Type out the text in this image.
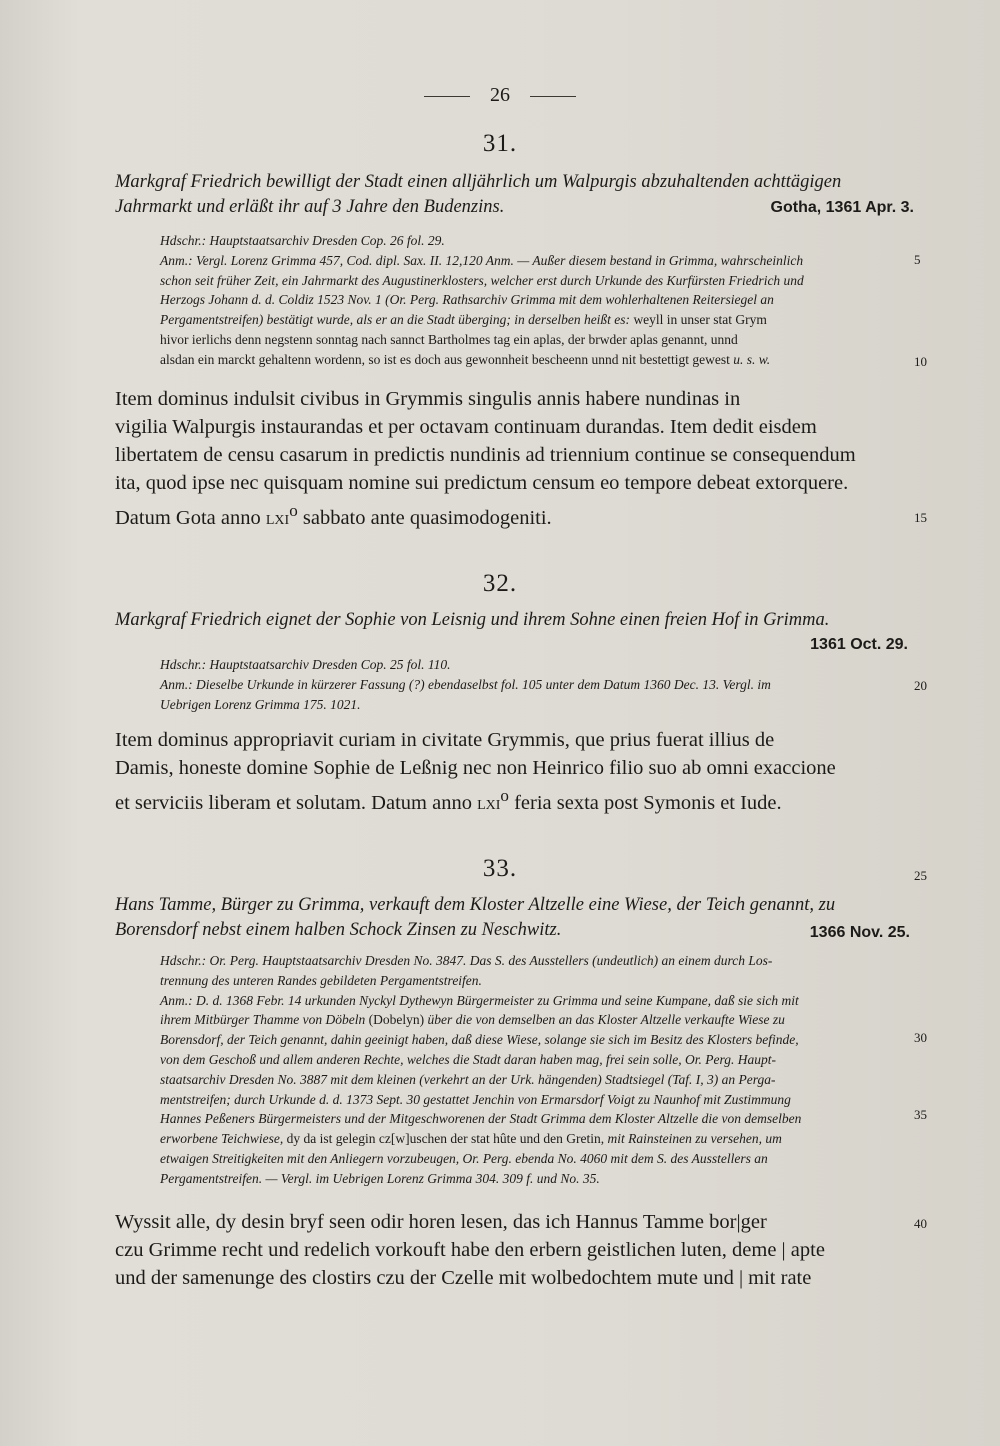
26
31.
Markgraf Friedrich bewilligt der Stadt einen alljährlich um Walpurgis abzuhaltenden achttägigen
Jahrmarkt und erläßt ihr auf 3 Jahre den Budenzins.	Gotha, 1361 Apr. 3.
Hdschr.: Hauptstaatsarchiv Dresden Cop. 26 fol. 29.
Anm.: Vergl. Lorenz Grimma 457, Cod. dipl. Sax. II. 12,120 Anm. — Außer diesem bestand in Grimma, wahrscheinlich
schon seit früher Zeit, ein Jahrmarkt des Augustinerklosters, welcher erst durch Urkunde des Kurfürsten Friedrich und
Herzogs Johann d. d. Coldiz 1523 Nov. 1 (Or. Perg. Rathsarchiv Grimma mit dem wohlerhaltenen Reitersiegel an
Pergamentstreifen) bestätigt wurde, als er an die Stadt überging; in derselben heißt es: weyll in unser stat Grym
hivor ierlichs denn negstenn sonntag nach sannct Bartholmes tag ein aplas, der brwder aplas genannt, unnd
alsdan ein marckt gehaltenn wordenn, so ist es doch aus gewonnheit bescheenn unnd nit bestettigt gewest u. s. w.
Item dominus indulsit civibus in Grymmis singulis annis habere nundinas in
vigilia Walpurgis instaurandas et per octavam continuam durandas. Item dedit eisdem
libertatem de censu casarum in predictis nundinis ad triennium continue se consequendum
ita, quod ipse nec quisquam nomine sui predictum censum eo tempore debeat extorquere.
Datum Gota anno lxi$^o$ sabbato ante quasimodogeniti.
32.
Markgraf Friedrich eignet der Sophie von Leisnig und ihrem Sohne einen freien Hof in Grimma.
1361 Oct. 29.
Hdschr.: Hauptstaatsarchiv Dresden Cop. 25 fol. 110.
Anm.: Dieselbe Urkunde in kürzerer Fassung (?) ebendaselbst fol. 105 unter dem Datum 1360 Dec. 13. Vergl. im
Uebrigen Lorenz Grimma 175. 1021.
Item dominus appropriavit curiam in civitate Grymmis, que prius fuerat illius de
Damis, honeste domine Sophie de Leßnig nec non Heinrico filio suo ab omni exaccione
et serviciis liberam et solutam. Datum anno lxi$^o$ feria sexta post Symonis et Iude.
33.
Hans Tamme, Bürger zu Grimma, verkauft dem Kloster Altzelle eine Wiese, der Teich genannt, zu
Borensdorf nebst einem halben Schock Zinsen zu Neschwitz.	1366 Nov. 25.
Hdschr.: Or. Perg. Hauptstaatsarchiv Dresden No. 3847. Das S. des Ausstellers (undeutlich) an einem durch Los-
trennung des unteren Randes gebildeten Pergamentstreifen.
Anm.: D. d. 1368 Febr. 14 urkunden Nyckyl Dythewyn Bürgermeister zu Grimma und seine Kumpane, daß sie sich mit
ihrem Mitbürger Thamme von Döbeln (Dobelyn) über die von demselben an das Kloster Altzelle verkaufte Wiese zu
Borensdorf, der Teich genannt, dahin geeinigt haben, daß diese Wiese, solange sie sich im Besitz des Klosters befinde,
von dem Geschoß und allem anderen Rechte, welches die Stadt daran haben mag, frei sein solle, Or. Perg. Haupt-
staatsarchiv Dresden No. 3887 mit dem kleinen (verkehrt an der Urk. hängenden) Stadtsiegel (Taf. I, 3) an Perga-
mentstreifen; durch Urkunde d. d. 1373 Sept. 30 gestattet Jenchin von Ermarsdorf Voigt zu Naunhof mit Zustimmung
Hannes Peßeners Bürgermeisters und der Mitgeschworenen der Stadt Grimma dem Kloster Altzelle die von demselben
erworbene Teichwiese, dy da ist gelegin cz[w]uschen der stat hûte und den Gretin, mit Rainsteinen zu versehen, um
etwaigen Streitigkeiten mit den Anliegern vorzubeugen, Or. Perg. ebenda No. 4060 mit dem S. des Ausstellers an
Pergamentstreifen. — Vergl. im Uebrigen Lorenz Grimma 304. 309 f. und No. 35.
Wyssit alle, dy desin bryf seen odir horen lesen, das ich Hannus Tamme bor|ger
czu Grimme recht und redelich vorkouft habe den erbern geistlichen luten, deme | apte
und der samenunge des clostirs czu der Czelle mit wolbedochtem mute und | mit rate
5
10
15
20
25
30
35
40
